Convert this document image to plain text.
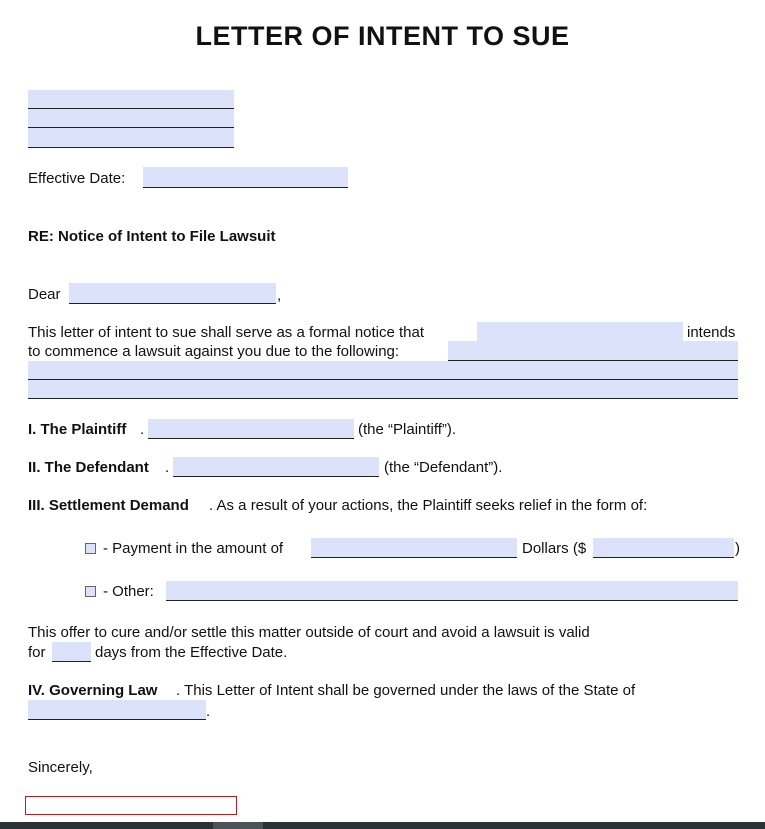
LETTER OF INTENT TO SUE
Effective Date:
RE: Notice of Intent to File Lawsuit
Dear	,
This letter of intent to sue shall serve as a formal notice that	intends
to commence a lawsuit against you due to the following:
I. The Plaintiff .	(the “Plaintiff”).
II. The Defendant .	(the “Defendant”).
III. Settlement Demand . As a result of your actions, the Plaintiff seeks relief in the form of:
- Payment in the amount of	Dollars ($	)
- Other:
This offer to cure and/or settle this matter outside of court and avoid a lawsuit is valid
for	days from the Effective Date.
IV. Governing Law . This Letter of Intent shall be governed under the laws of the State of
.
Sincerely,
